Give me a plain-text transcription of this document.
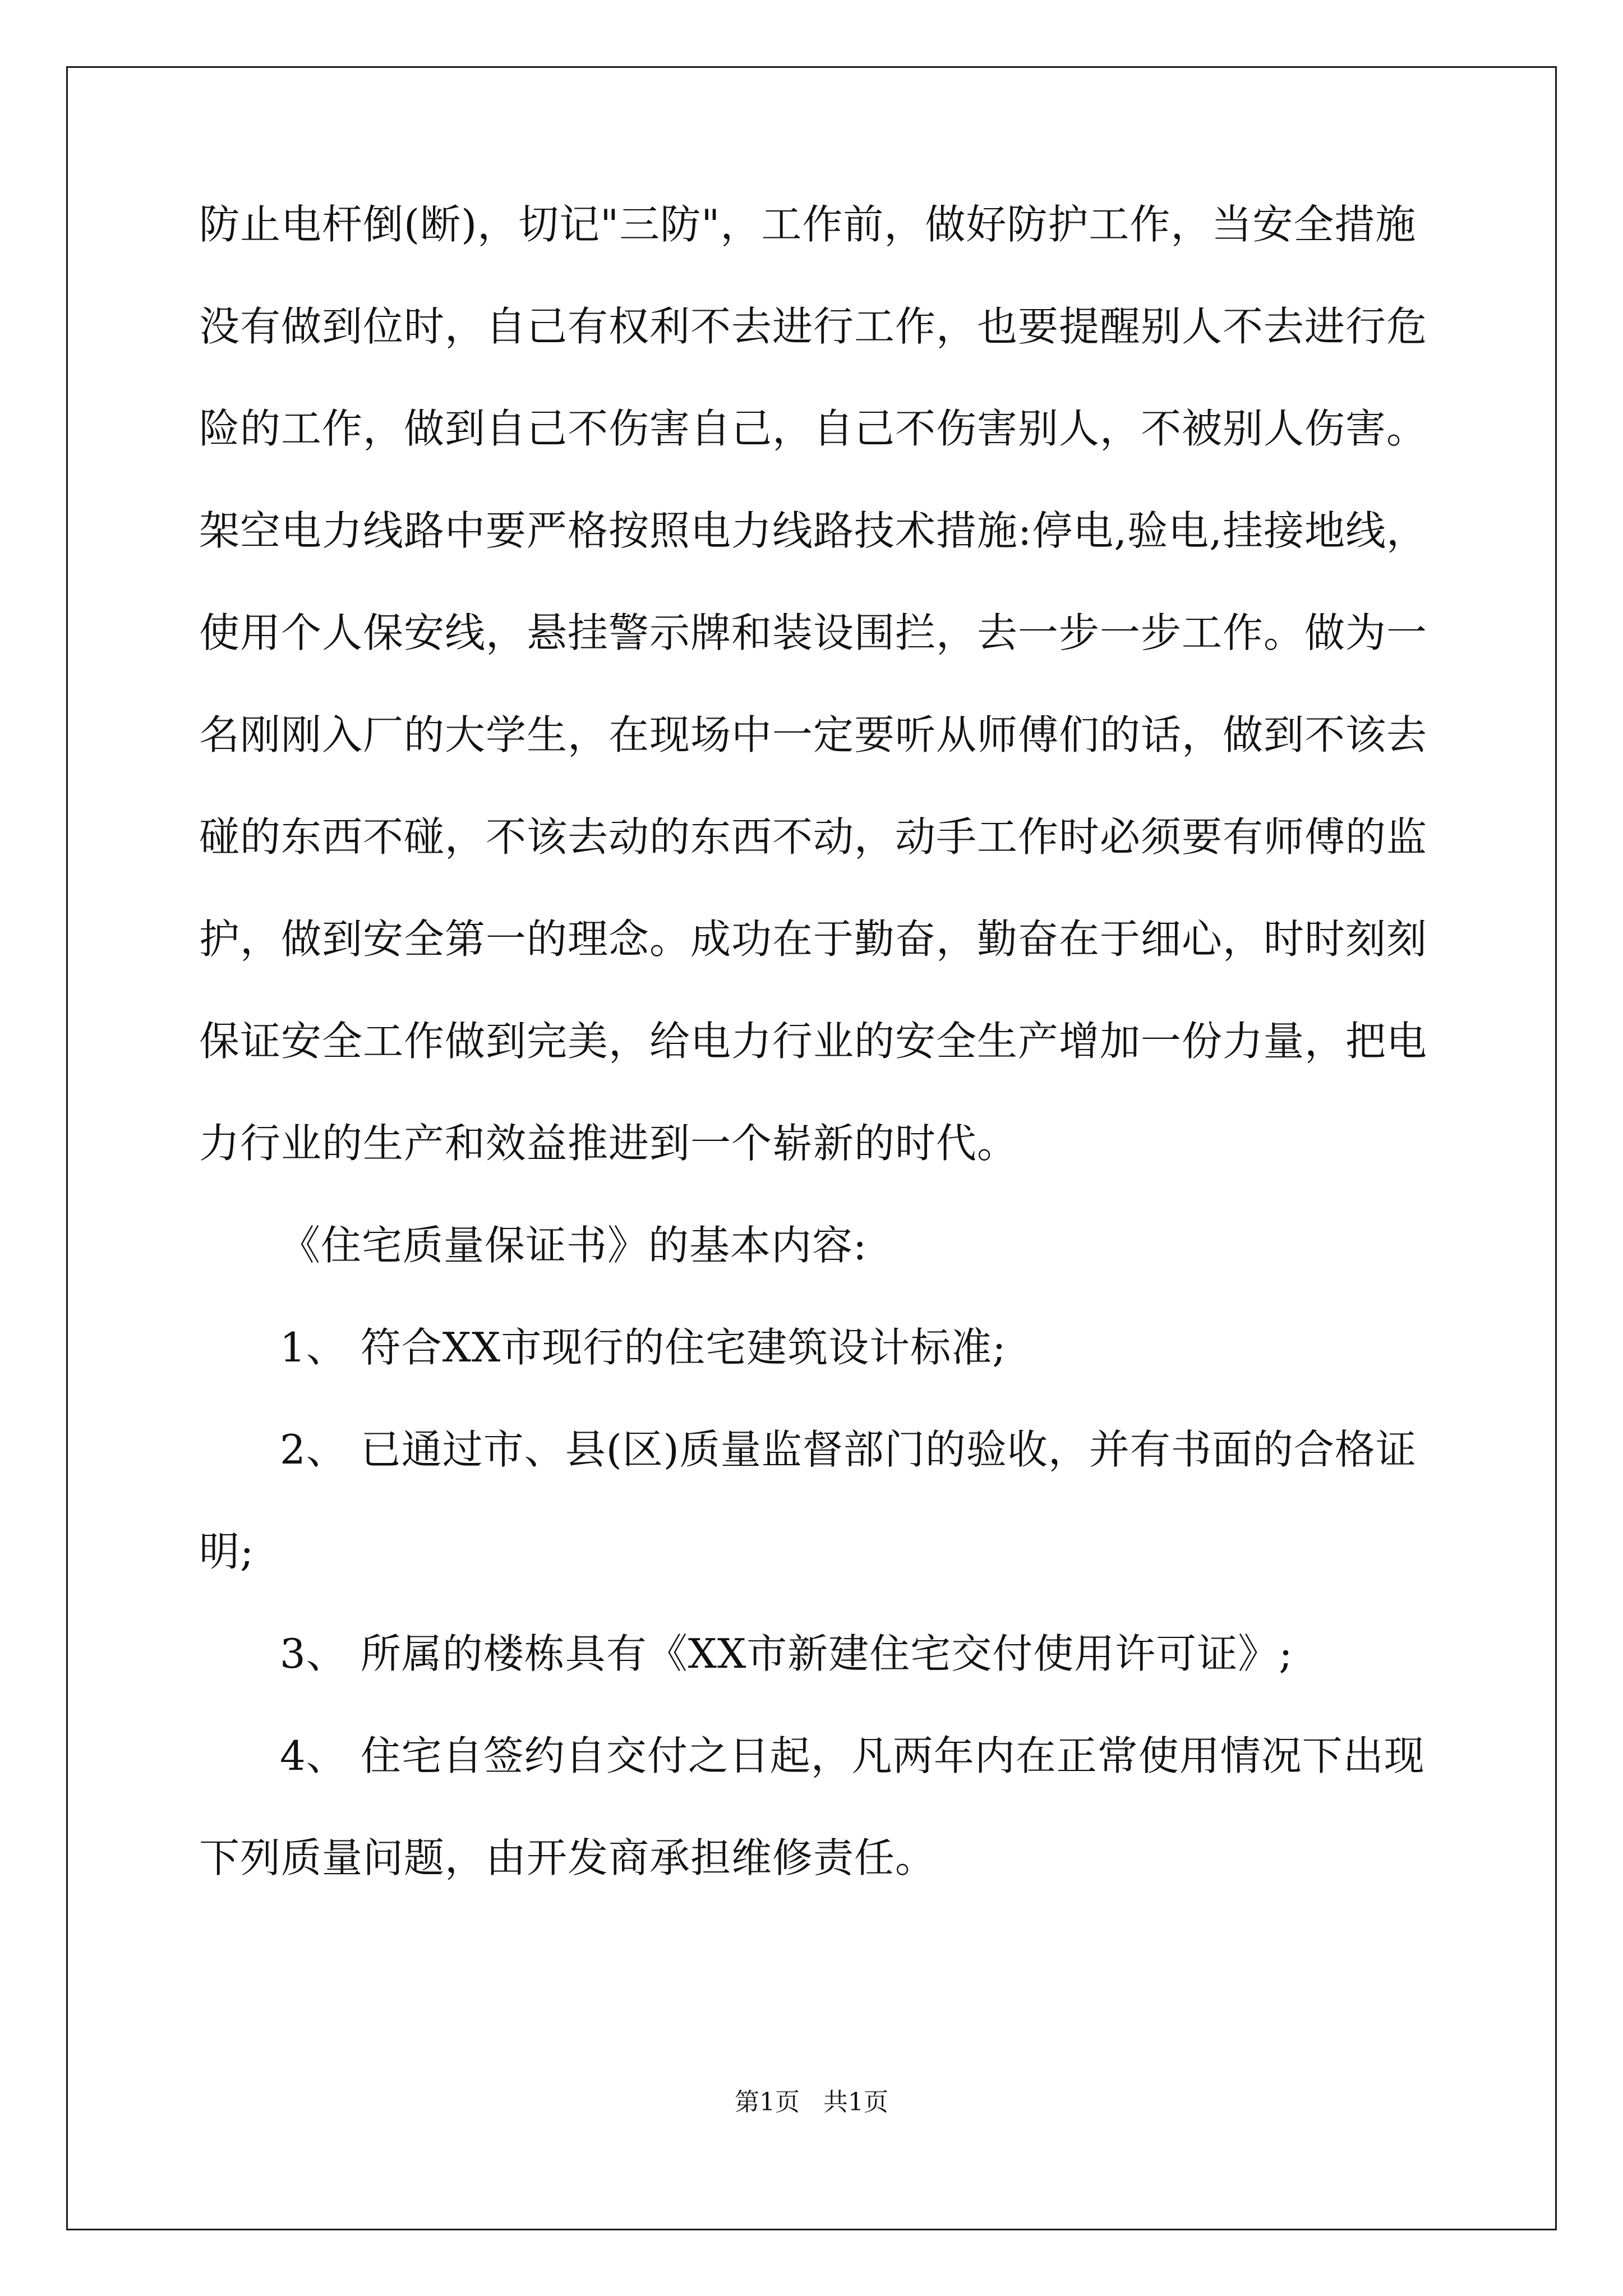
防止电杆倒(断)，切记"三防"，工作前，做好防护工作，当安全措施
没有做到位时，自己有权利不去进行工作，也要提醒别人不去进行危
险的工作，做到自己不伤害自己，自己不伤害别人，不被别人伤害。
架空电力线路中要严格按照电力线路技术措施:停电,验电,挂接地线，
使用个人保安线，悬挂警示牌和装设围拦，去一步一步工作。做为一
名刚刚入厂的大学生，在现场中一定要听从师傅们的话，做到不该去
碰的东西不碰，不该去动的东西不动，动手工作时必须要有师傅的监
护，做到安全第一的理念。成功在于勤奋，勤奋在于细心，时时刻刻
保证安全工作做到完美，给电力行业的安全生产增加一份力量，把电
力行业的生产和效益推进到一个崭新的时代。
《住宅质量保证书》的基本内容:
1、 符合XX市现行的住宅建筑设计标准;
2、 已通过市、县(区)质量监督部门的验收，并有书面的合格证
明;
3、 所属的楼栋具有《XX市新建住宅交付使用许可证》;
4、 住宅自签约自交付之日起，凡两年内在正常使用情况下出现
下列质量问题，由开发商承担维修责任。
第1页 共1页
